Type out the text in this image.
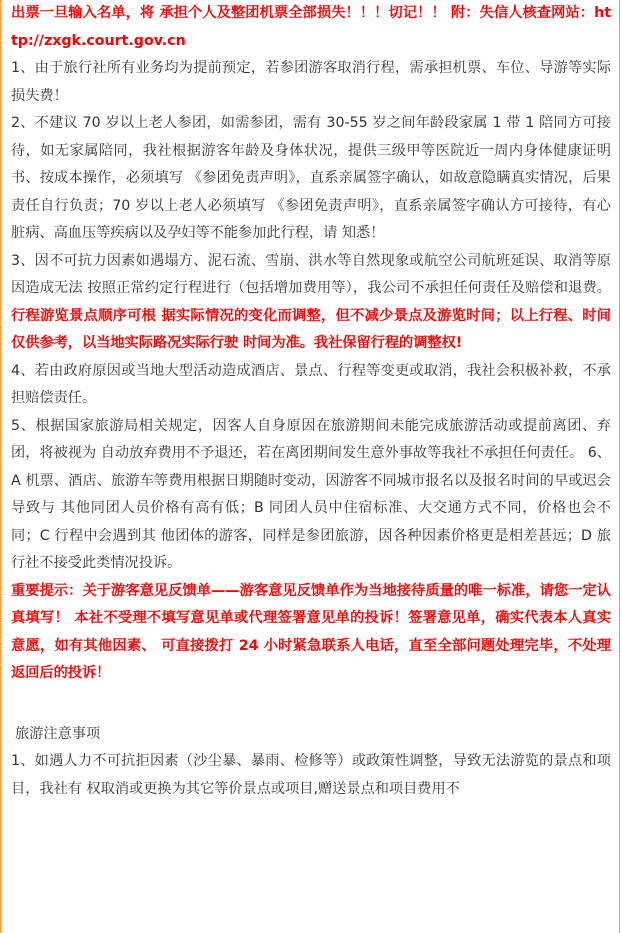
出票一旦输入名单，将 承担个人及整团机票全部损失！！！切记！！ 附：失信人核查网站：http://zxgk.court.gov.cn

1、由于旅行社所有业务均为提前预定，若参团游客取消行程，需承担机票、车位、导游等实际损失费！

2、不建议 70 岁以上老人参团，如需参团，需有 30-55 岁之间年龄段家属 1 带 1 陪同方可接待，如无家属陪同，我社根据游客年龄及身体状况，提供三级甲等医院近一周内身体健康证明书、按成本操作，必须填写 《参团免责声明》，直系亲属签字确认，如故意隐瞒真实情况，后果责任自行负责；70 岁以上老人必须填写 《参团免责声明》，直系亲属签字确认方可接待，有心脏病、高血压等疾病以及孕妇等不能参加此行程，请 知悉！

3、因不可抗力因素如遇塌方、泥石流、雪崩、洪水等自然现象或航空公司航班延误、取消等原因造成无法 按照正常约定行程进行（包括增加费用等），我公司不承担任何责任及赔偿和退费。行程游览景点顺序可根 据实际情况的变化而调整，但不减少景点及游览时间；以上行程、时间仅供参考，以当地实际路况实际行驶 时间为准。我社保留行程的调整权!

4、若由政府原因或当地大型活动造成酒店、景点、行程等变更或取消，我社会积极补救，不承担赔偿责任。

5、根据国家旅游局相关规定，因客人自身原因在旅游期间未能完成旅游活动或提前离团、弃团，将被视为 自动放弃费用不予退还，若在离团期间发生意外事故等我社不承担任何责任。 6、A 机票、酒店、旅游车等费用根据日期随时变动，因游客不同城市报名以及报名时间的早或迟会导致与 其他同团人员价格有高有低；B 同团人员中住宿标准、大交通方式不同，价格也会不同；C 行程中会遇到其 他团体的游客，同样是参团旅游，因各种因素价格更是相差甚远；D 旅行社不接受此类情况投诉。

重要提示：关于游客意见反馈单——游客意见反馈单作为当地接待质量的唯一标准，请您一定认真填写！ 本社不受理不填写意见单或代理签署意见单的投诉！签署意见单，确实代表本人真实意愿，如有其他因素、 可直接拨打 24 小时紧急联系人电话，直至全部问题处理完毕，不处理返回后的投诉！

旅游注意事项

1、如遇人力不可抗拒因素（沙尘暴、暴雨、检修等）或政策性调整，导致无法游览的景点和项目，我社有 权取消或更换为其它等价景点或项目,赠送景点和项目费用不
